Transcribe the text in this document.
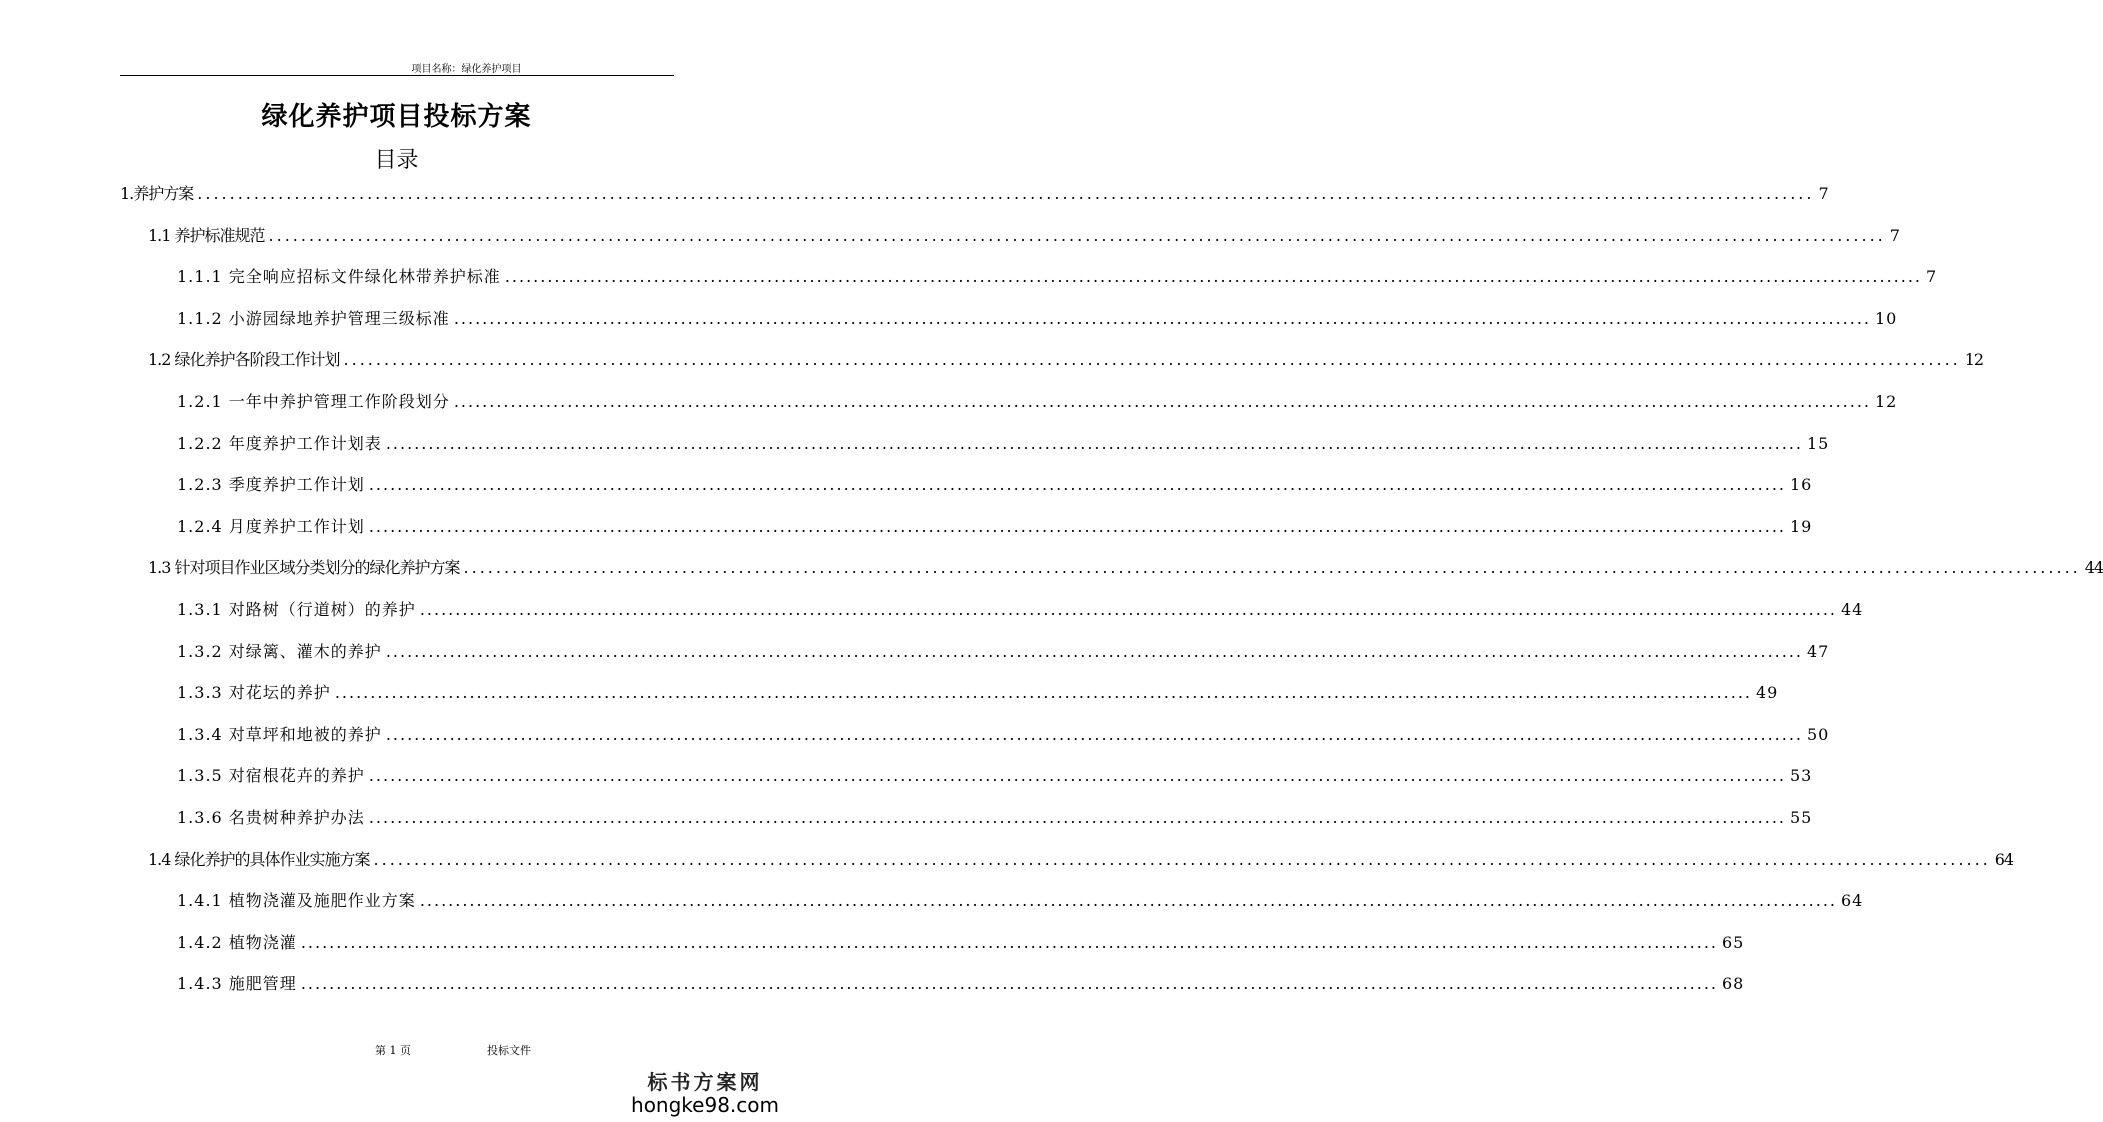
项目名称：绿化养护项目
绿化养护项目投标方案
目录
1.养护方案 ........................................................................................................................................................................................................ 7
1.1 养护标准规范 ........................................................................................................................................................................................................ 7
1.1.1 完全响应招标文件绿化林带养护标准 ........................................................................................................................................................................................................ 7
1.1.2 小游园绿地养护管理三级标准 ........................................................................................................................................................................................................ 10
1.2 绿化养护各阶段工作计划 ........................................................................................................................................................................................................ 12
1.2.1 一年中养护管理工作阶段划分 ........................................................................................................................................................................................................ 12
1.2.2 年度养护工作计划表 ........................................................................................................................................................................................................ 15
1.2.3 季度养护工作计划 ........................................................................................................................................................................................................ 16
1.2.4 月度养护工作计划 ........................................................................................................................................................................................................ 19
1.3 针对项目作业区域分类划分的绿化养护方案 ........................................................................................................................................................................................................ 44
1.3.1 对路树（行道树）的养护 ........................................................................................................................................................................................................ 44
1.3.2 对绿篱、灌木的养护 ........................................................................................................................................................................................................ 47
1.3.3 对花坛的养护 ........................................................................................................................................................................................................ 49
1.3.4 对草坪和地被的养护 ........................................................................................................................................................................................................ 50
1.3.5 对宿根花卉的养护 ........................................................................................................................................................................................................ 53
1.3.6 名贵树种养护办法 ........................................................................................................................................................................................................ 55
1.4 绿化养护的具体作业实施方案 ........................................................................................................................................................................................................ 64
1.4.1 植物浇灌及施肥作业方案 ........................................................................................................................................................................................................ 64
1.4.2 植物浇灌 ........................................................................................................................................................................................................ 65
1.4.3 施肥管理 ........................................................................................................................................................................................................ 68
第 1 页	投标文件
标书方案网
hongke98.com
